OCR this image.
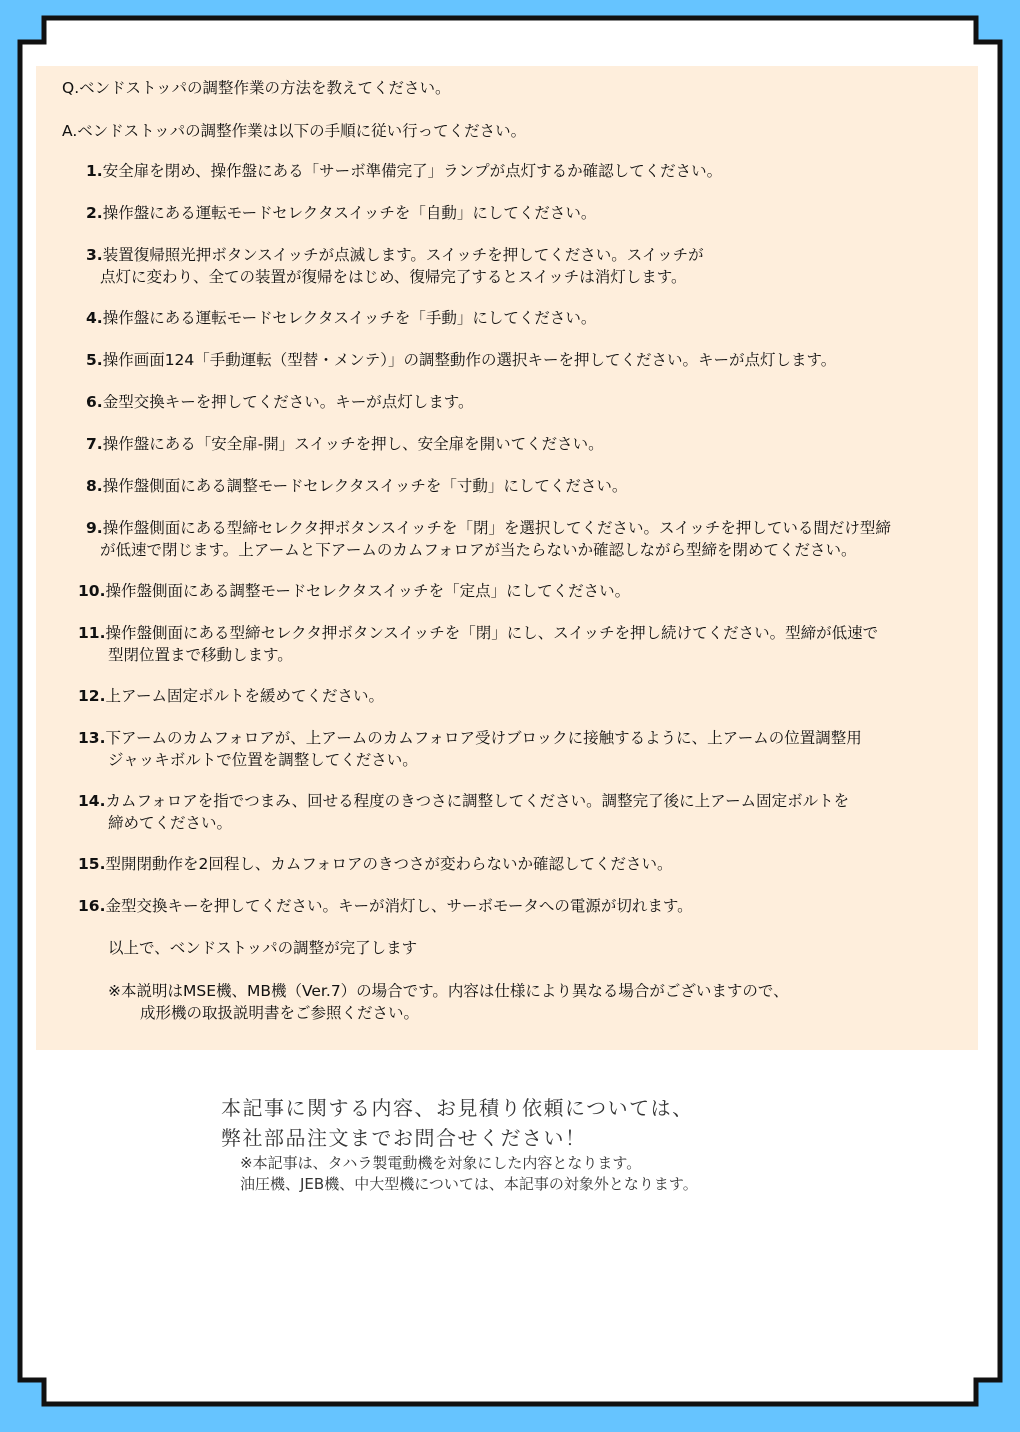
Q.ベンドストッパの調整作業の方法を教えてください。
A.ベンドストッパの調整作業は以下の手順に従い行ってください。
1.安全扉を閉め、操作盤にある「サーボ準備完了」ランプが点灯するか確認してください。
2.操作盤にある運転モードセレクタスイッチを「自動」にしてください。
3.装置復帰照光押ボタンスイッチが点滅します。スイッチを押してください。スイッチが
点灯に変わり、全ての装置が復帰をはじめ、復帰完了するとスイッチは消灯します。
4.操作盤にある運転モードセレクタスイッチを「手動」にしてください。
5.操作画面124「手動運転（型替・メンテ）」の調整動作の選択キーを押してください。キーが点灯します。
6.金型交換キーを押してください。キーが点灯します。
7.操作盤にある「安全扉-開」スイッチを押し、安全扉を開いてください。
8.操作盤側面にある調整モードセレクタスイッチを「寸動」にしてください。
9.操作盤側面にある型締セレクタ押ボタンスイッチを「閉」を選択してください。スイッチを押している間だけ型締
が低速で閉じます。上アームと下アームのカムフォロアが当たらないか確認しながら型締を閉めてください。
10.操作盤側面にある調整モードセレクタスイッチを「定点」にしてください。
11.操作盤側面にある型締セレクタ押ボタンスイッチを「閉」にし、スイッチを押し続けてください。型締が低速で
型閉位置まで移動します。
12.上アーム固定ボルトを緩めてください。
13.下アームのカムフォロアが、上アームのカムフォロア受けブロックに接触するように、上アームの位置調整用
ジャッキボルトで位置を調整してください。
14.カムフォロアを指でつまみ、回せる程度のきつさに調整してください。調整完了後に上アーム固定ボルトを
締めてください。
15.型開閉動作を2回程し、カムフォロアのきつさが変わらないか確認してください。
16.金型交換キーを押してください。キーが消灯し、サーボモータへの電源が切れます。
以上で、ベンドストッパの調整が完了します
※本説明はMSE機、MB機（Ver.7）の場合です。内容は仕様により異なる場合がございますので、
成形機の取扱説明書をご参照ください。
本記事に関する内容、お見積り依頼については、
弊社部品注文までお問合せください！
※本記事は、タハラ製電動機を対象にした内容となります。
油圧機、JEB機、中大型機については、本記事の対象外となります。
